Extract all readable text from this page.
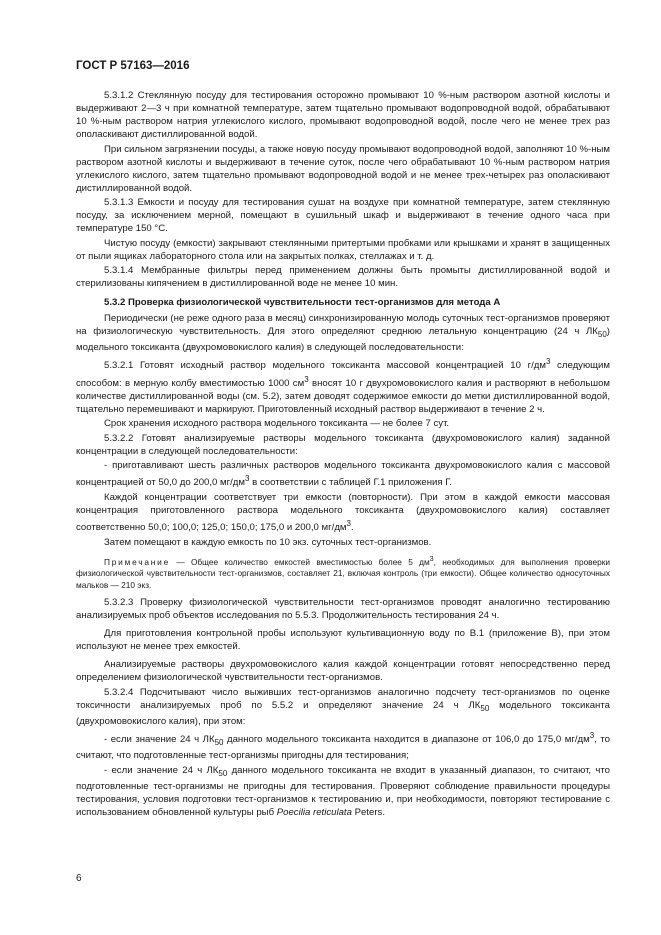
ГОСТ Р 57163—2016

5.3.1.2 Стеклянную посуду для тестирования осторожно промывают 10 %-ным раствором азотной кислоты и выдерживают 2—3 ч при комнатной температуре, затем тщательно промывают водопроводной водой, обрабатывают 10 %-ным раствором натрия углекислого кислого, промывают водопроводной водой, после чего не менее трех раз ополаскивают дистиллированной водой.

При сильном загрязнении посуды, а также новую посуду промывают водопроводной водой, заполняют 10 %-ным раствором азотной кислоты и выдерживают в течение суток, после чего обрабатывают 10 %-ным раствором натрия углекислого кислого, затем тщательно промывают водопроводной водой и не менее трех-четырех раз ополаскивают дистиллированной водой.

5.3.1.3 Емкости и посуду для тестирования сушат на воздухе при комнатной температуре, затем стеклянную посуду, за исключением мерной, помещают в сушильный шкаф и выдерживают в течение одного часа при температуре 150 °С.

Чистую посуду (емкости) закрывают стеклянными притертыми пробками или крышками и хранят в защищенных от пыли ящиках лабораторного стола или на закрытых полках, стеллажах и т. д.

5.3.1.4 Мембранные фильтры перед применением должны быть промыты дистиллированной водой и стерилизованы кипячением в дистиллированной воде не менее 10 мин.

5.3.2 Проверка физиологической чувствительности тест-организмов для метода А

Периодически (не реже одного раза в месяц) синхронизированную молодь суточных тест-организмов проверяют на физиологическую чувствительность. Для этого определяют среднюю летальную концентрацию (24 ч $ЛК_{50}$) модельного токсиканта (двухромовокислого калия) в следующей последовательности:

5.3.2.1 Готовят исходный раствор модельного токсиканта массовой концентрацией 10 $г/дм^3$ следующим способом: в мерную колбу вместимостью 1000 $см^3$ вносят 10 г двухромовокислого калия и растворяют в небольшом количестве дистиллированной воды (см. 5.2), затем доводят содержимое емкости до метки дистиллированной водой, тщательно перемешивают и маркируют. Приготовленный исходный раствор выдерживают в течение 2 ч.

Срок хранения исходного раствора модельного токсиканта — не более 7 сут.

5.3.2.2 Готовят анализируемые растворы модельного токсиканта (двухромовокислого калия) заданной концентрации в следующей последовательности:

- приготавливают шесть различных растворов модельного токсиканта двухромовокислого калия с массовой концентрацией от 50,0 до 200,0 $мг/дм^3$ в соответствии с таблицей Г.1 приложения Г.

Каждой концентрации соответствует три емкости (повторности). При этом в каждой емкости массовая концентрация приготовленного раствора модельного токсиканта (двухромовокислого калия) составляет соответственно 50,0; 100,0; 125,0; 150,0; 175,0 и 200,0 $мг/дм^3$.

Затем помещают в каждую емкость по 10 экз. суточных тест-организмов.

Примечание — Общее количество емкостей вместимостью более 5 $дм^3$, необходимых для выполнения проверки физиологической чувствительности тест-организмов, составляет 21, включая контроль (три емкости). Общее количество односуточных мальков — 210 экз.

5.3.2.3 Проверку физиологической чувствительности тест-организмов проводят аналогично тестированию анализируемых проб объектов исследования по 5.5.3. Продолжительность тестирования 24 ч.

Для приготовления контрольной пробы используют культивационную воду по В.1 (приложение В), при этом используют не менее трех емкостей.

Анализируемые растворы двухромовокислого калия каждой концентрации готовят непосредственно перед определением физиологической чувствительности тест-организмов.

5.3.2.4 Подсчитывают число выживших тест-организмов аналогично подсчету тест-организмов по оценке токсичности анализируемых проб по 5.5.2 и определяют значение 24 ч $ЛК_{50}$ модельного токсиканта (двухромовокислого калия), при этом:

- если значение 24 ч $ЛК_{50}$ данного модельного токсиканта находится в диапазоне от 106,0 до 175,0 $мг/дм^3$, то считают, что подготовленные тест-организмы пригодны для тестирования;

- если значение 24 ч $ЛК_{50}$ данного модельного токсиканта не входит в указанный диапазон, то считают, что подготовленные тест-организмы не пригодны для тестирования. Проверяют соблюдение правильности процедуры тестирования, условия подготовки тест-организмов к тестированию и, при необходимости, повторяют тестирование с использованием обновленной культуры рыб Poecilia reticulata Peters.

6
